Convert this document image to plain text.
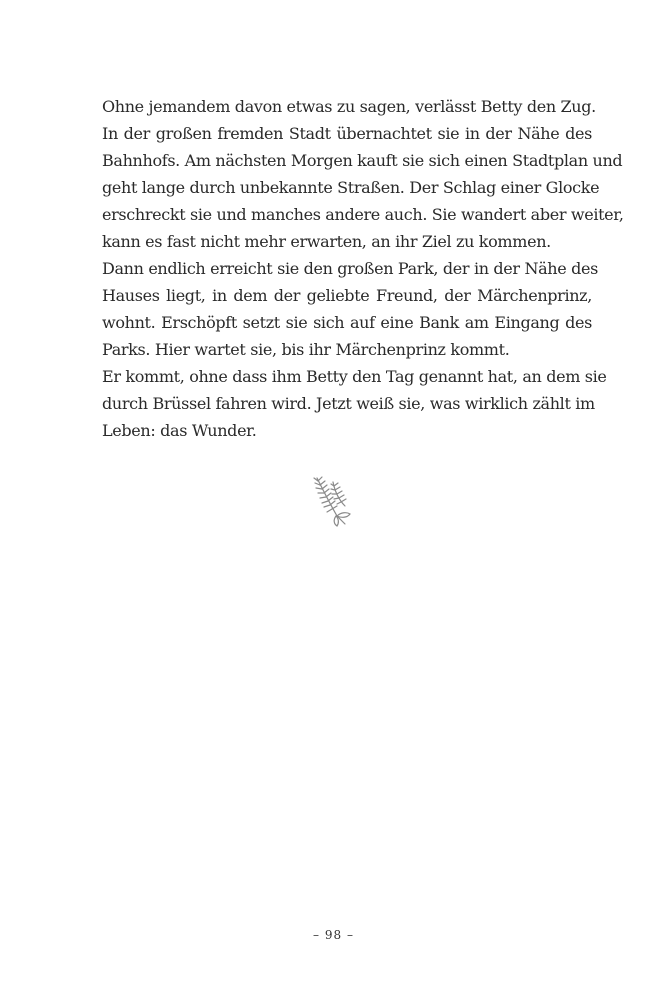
Ohne jemandem davon etwas zu sagen, verlässt Betty den Zug.
In der großen fremden Stadt übernachtet sie in der Nähe des
Bahnhofs. Am nächsten Morgen kauft sie sich einen Stadtplan und
geht lange durch unbekannte Straßen. Der Schlag einer Glocke
erschreckt sie und manches andere auch. Sie wandert aber weiter,
kann es fast nicht mehr erwarten, an ihr Ziel zu kommen.
Dann endlich erreicht sie den großen Park, der in der Nähe des
Hauses liegt, in dem der geliebte Freund, der Märchenprinz,
wohnt. Erschöpft setzt sie sich auf eine Bank am Eingang des
Parks. Hier wartet sie, bis ihr Märchenprinz kommt.
Er kommt, ohne dass ihm Betty den Tag genannt hat, an dem sie
durch Brüssel fahren wird. Jetzt weiß sie, was wirklich zählt im
Leben: das Wunder.
– 98 –
